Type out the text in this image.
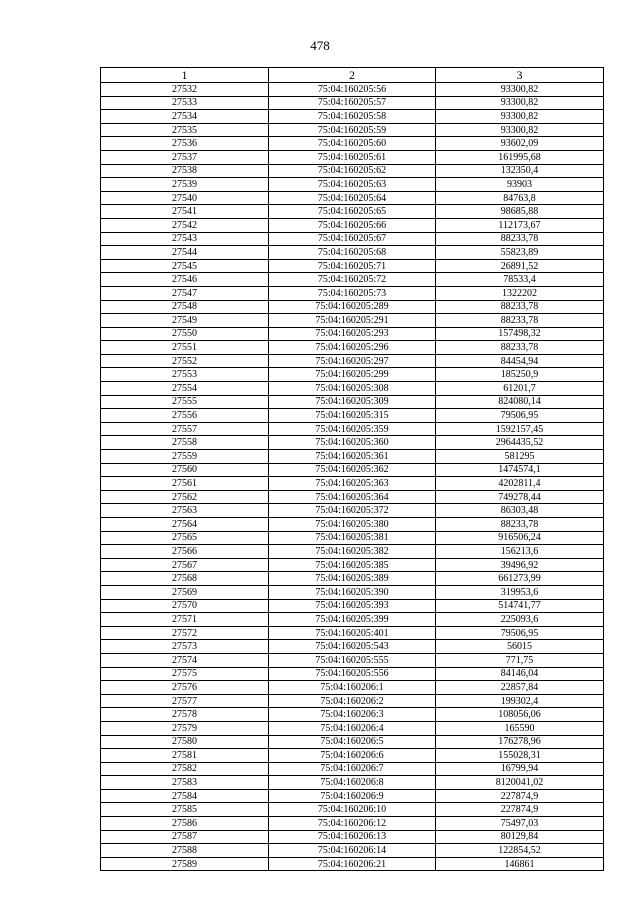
478
1	2	3
27532	75:04:160205:56	93300,82
27533	75:04:160205:57	93300,82
27534	75:04:160205:58	93300,82
27535	75:04:160205:59	93300,82
27536	75:04:160205:60	93602,09
27537	75:04:160205:61	161995,68
27538	75:04:160205:62	132350,4
27539	75:04:160205:63	93903
27540	75:04:160205:64	84763,8
27541	75:04:160205:65	98685,88
27542	75:04:160205:66	112173,67
27543	75:04:160205:67	88233,78
27544	75:04:160205:68	55823,89
27545	75:04:160205:71	26891,52
27546	75:04:160205:72	78533,4
27547	75:04:160205:73	1322202
27548	75:04:160205:289	88233,78
27549	75:04:160205:291	88233,78
27550	75:04:160205:293	157498,32
27551	75:04:160205:296	88233,78
27552	75:04:160205:297	84454,94
27553	75:04:160205:299	185250,9
27554	75:04:160205:308	61201,7
27555	75:04:160205:309	824080,14
27556	75:04:160205:315	79506,95
27557	75:04:160205:359	1592157,45
27558	75:04:160205:360	2964435,52
27559	75:04:160205:361	581295
27560	75:04:160205:362	1474574,1
27561	75:04:160205:363	4202811,4
27562	75:04:160205:364	749278,44
27563	75:04:160205:372	86303,48
27564	75:04:160205:380	88233,78
27565	75:04:160205:381	916506,24
27566	75:04:160205:382	156213,6
27567	75:04:160205:385	39496,92
27568	75:04:160205:389	661273,99
27569	75:04:160205:390	319953,6
27570	75:04:160205:393	514741,77
27571	75:04:160205:399	225093,6
27572	75:04:160205:401	79506,95
27573	75:04:160205:543	56015
27574	75:04:160205:555	771,75
27575	75:04:160205:556	84146,04
27576	75:04:160206:1	22857,84
27577	75:04:160206:2	199302,4
27578	75:04:160206:3	108056,06
27579	75:04:160206:4	165590
27580	75:04:160206:5	176278,96
27581	75:04:160206:6	155028,31
27582	75:04:160206:7	16799,94
27583	75:04:160206:8	8120041,02
27584	75:04:160206:9	227874,9
27585	75:04:160206:10	227874,9
27586	75:04:160206:12	75497,03
27587	75:04:160206:13	80129,84
27588	75:04:160206:14	122854,52
27589	75:04:160206:21	146861
